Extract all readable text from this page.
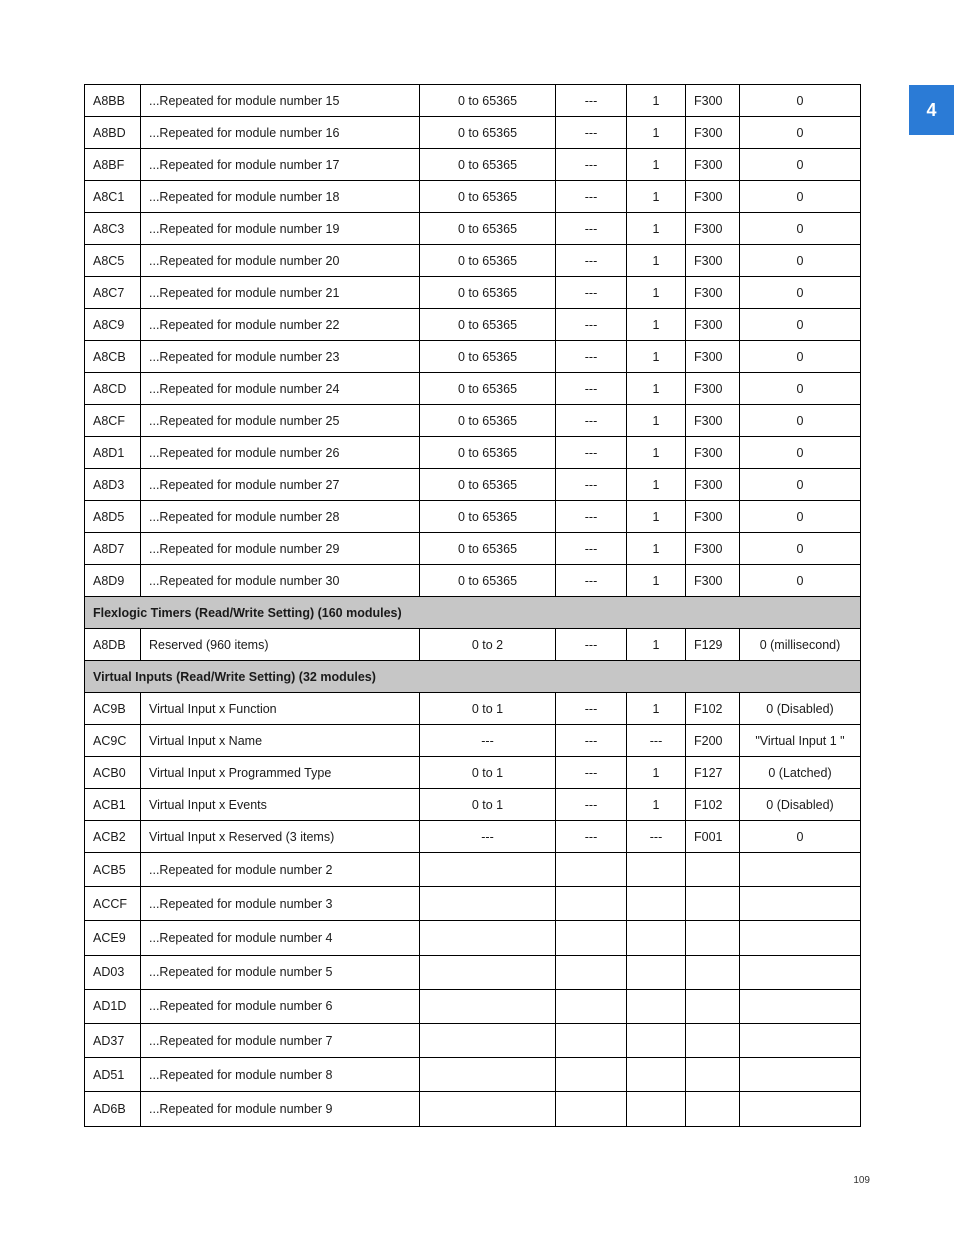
4
A8BB	...Repeated for module number 15	0 to 65365	---	1	F300	0
A8BD	...Repeated for module number 16	0 to 65365	---	1	F300	0
A8BF	...Repeated for module number 17	0 to 65365	---	1	F300	0
A8C1	...Repeated for module number 18	0 to 65365	---	1	F300	0
A8C3	...Repeated for module number 19	0 to 65365	---	1	F300	0
A8C5	...Repeated for module number 20	0 to 65365	---	1	F300	0
A8C7	...Repeated for module number 21	0 to 65365	---	1	F300	0
A8C9	...Repeated for module number 22	0 to 65365	---	1	F300	0
A8CB	...Repeated for module number 23	0 to 65365	---	1	F300	0
A8CD	...Repeated for module number 24	0 to 65365	---	1	F300	0
A8CF	...Repeated for module number 25	0 to 65365	---	1	F300	0
A8D1	...Repeated for module number 26	0 to 65365	---	1	F300	0
A8D3	...Repeated for module number 27	0 to 65365	---	1	F300	0
A8D5	...Repeated for module number 28	0 to 65365	---	1	F300	0
A8D7	...Repeated for module number 29	0 to 65365	---	1	F300	0
A8D9	...Repeated for module number 30	0 to 65365	---	1	F300	0
Flexlogic Timers (Read/Write Setting) (160 modules)						
A8DB	Reserved (960 items)	0 to 2	---	1	F129	0 (millisecond)
Virtual Inputs (Read/Write Setting) (32 modules)						
AC9B	Virtual Input x Function	0 to 1	---	1	F102	0 (Disabled)
AC9C	Virtual Input x Name	---	---	---	F200	"Virtual Input 1 "
ACB0	Virtual Input x Programmed Type	0 to 1	---	1	F127	0 (Latched)
ACB1	Virtual Input x Events	0 to 1	---	1	F102	0 (Disabled)
ACB2	Virtual Input x Reserved (3 items)	---	---	---	F001	0
ACB5	...Repeated for module number 2					
ACCF	...Repeated for module number 3					
ACE9	...Repeated for module number 4					
AD03	...Repeated for module number 5					
AD1D	...Repeated for module number 6					
AD37	...Repeated for module number 7					
AD51	...Repeated for module number 8					
AD6B	...Repeated for module number 9					
109
